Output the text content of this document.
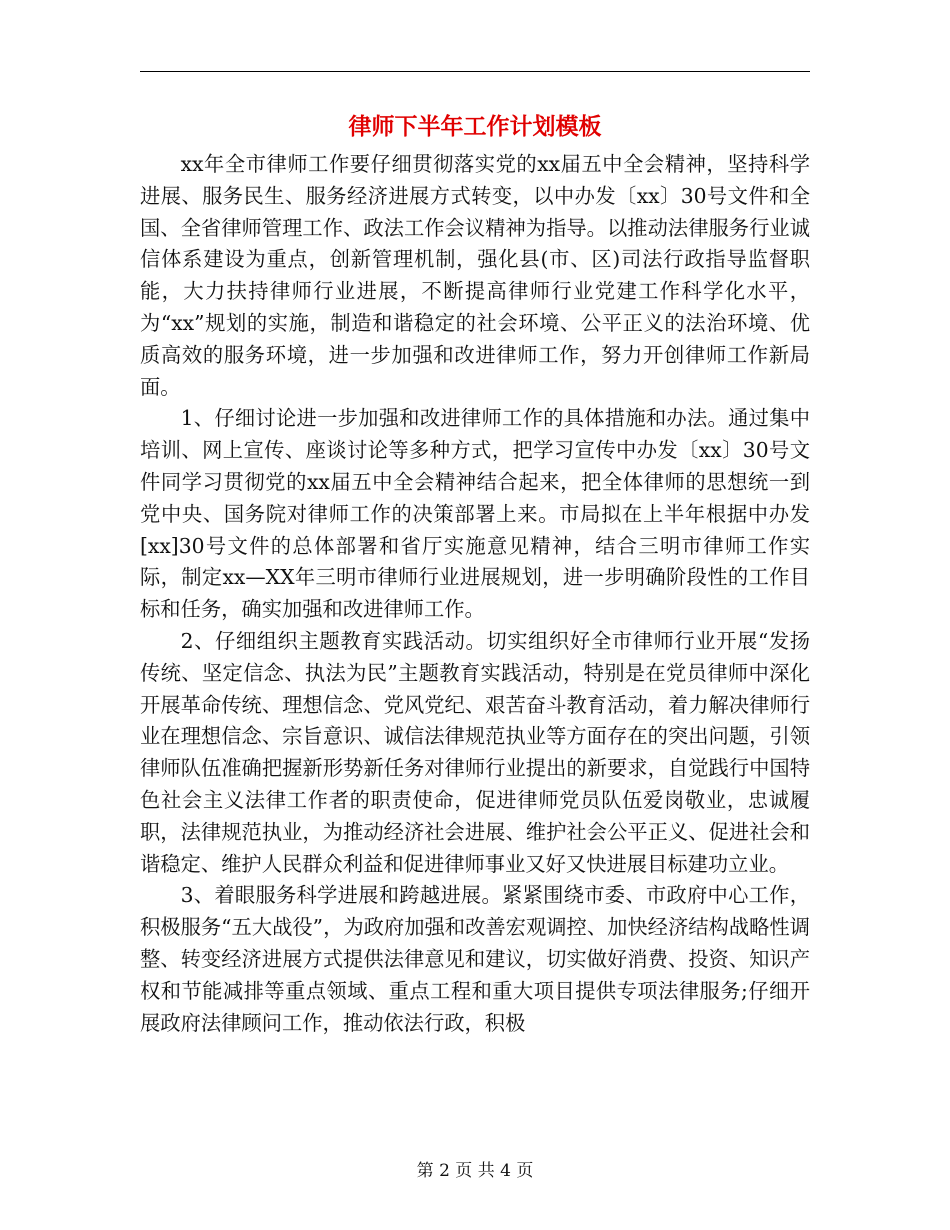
律师下半年工作计划模板

xx年全市律师工作要仔细贯彻落实党的xx届五中全会精神，坚持科学进展、服务民生、服务经济进展方式转变，以中办发〔xx〕30号文件和全国、全省律师管理工作、政法工作会议精神为指导。以推动法律服务行业诚信体系建设为重点，创新管理机制，强化县(市、区)司法行政指导监督职能，大力扶持律师行业进展，不断提高律师行业党建工作科学化水平，为“xx”规划的实施，制造和谐稳定的社会环境、公平正义的法治环境、优质高效的服务环境，进一步加强和改进律师工作，努力开创律师工作新局面。

1、仔细讨论进一步加强和改进律师工作的具体措施和办法。通过集中培训、网上宣传、座谈讨论等多种方式，把学习宣传中办发〔xx〕30号文件同学习贯彻党的xx届五中全会精神结合起来，把全体律师的思想统一到党中央、国务院对律师工作的决策部署上来。市局拟在上半年根据中办发[xx]30号文件的总体部署和省厅实施意见精神，结合三明市律师工作实际，制定xx—XX年三明市律师行业进展规划，进一步明确阶段性的工作目标和任务，确实加强和改进律师工作。

2、仔细组织主题教育实践活动。切实组织好全市律师行业开展“发扬传统、坚定信念、执法为民”主题教育实践活动，特别是在党员律师中深化开展革命传统、理想信念、党风党纪、艰苦奋斗教育活动，着力解决律师行业在理想信念、宗旨意识、诚信法律规范执业等方面存在的突出问题，引领律师队伍准确把握新形势新任务对律师行业提出的新要求，自觉践行中国特色社会主义法律工作者的职责使命，促进律师党员队伍爱岗敬业，忠诚履职，法律规范执业，为推动经济社会进展、维护社会公平正义、促进社会和谐稳定、维护人民群众利益和促进律师事业又好又快进展目标建功立业。

3、着眼服务科学进展和跨越进展。紧紧围绕市委、市政府中心工作，积极服务“五大战役”，为政府加强和改善宏观调控、加快经济结构战略性调整、转变经济进展方式提供法律意见和建议，切实做好消费、投资、知识产权和节能减排等重点领域、重点工程和重大项目提供专项法律服务;仔细开展政府法律顾问工作，推动依法行政，积极

第 2 页 共 4 页
